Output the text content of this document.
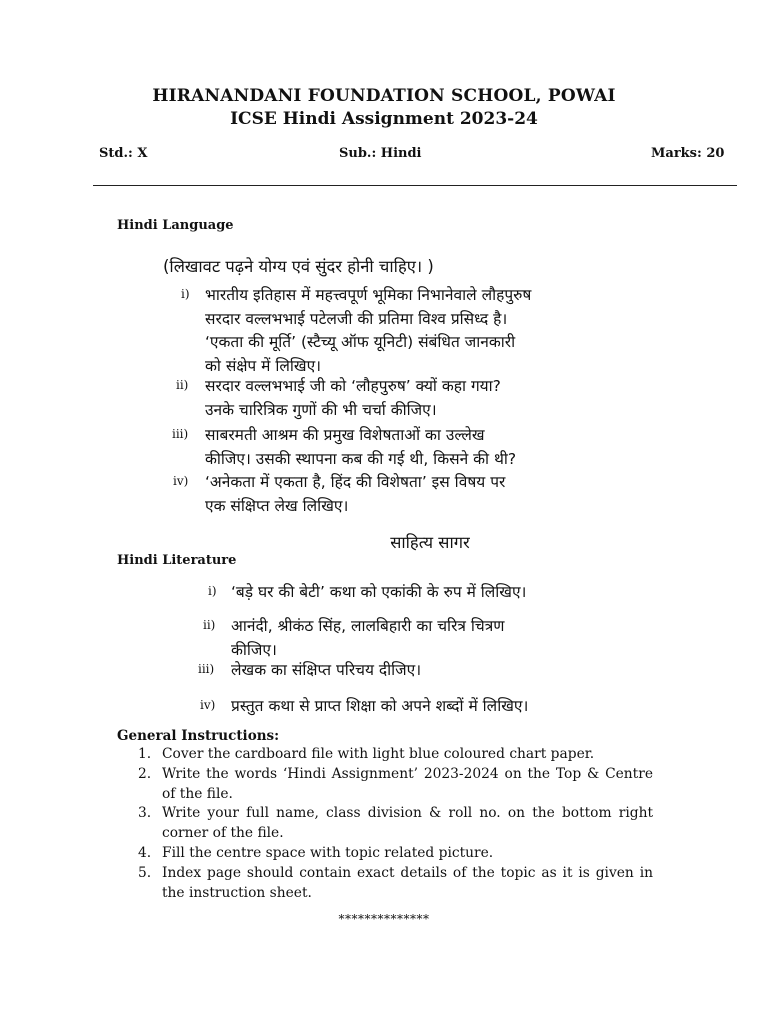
HIRANANDANI FOUNDATION SCHOOL, POWAI
ICSE Hindi Assignment 2023-24
Std.: X	Sub.: Hindi	Marks: 20
Hindi Language
(लिखावट पढ़ने योग्य एवं सुंदर होनी चाहिए। )
i) भारतीय इतिहास में महत्त्वपूर्ण भूमिका निभानेवाले लौहपुरुष
सरदार वल्लभभाई पटेलजी की प्रतिमा विश्व प्रसिध्द है।
‘एकता की मूर्ति’ (स्टैच्यू ऑफ यूनिटी) संबंधित जानकारी
को संक्षेप में लिखिए।
ii) सरदार वल्लभभाई जी को ‘लौहपुरुष’ क्यों कहा गया?
उनके चारित्रिक गुणों की भी चर्चा कीजिए।
iii) साबरमती आश्रम की प्रमुख विशेषताओं का उल्लेख
कीजिए। उसकी स्थापना कब की गई थी, किसने की थी?
iv) ‘अनेकता में एकता है, हिंद की विशेषता’ इस विषय पर
एक संक्षिप्त लेख लिखिए।
साहित्य सागर
Hindi Literature
i) ‘बड़े घर की बेटी’ कथा को एकांकी के रुप में लिखिए।
ii) आनंदी, श्रीकंठ सिंह, लालबिहारी का चरित्र चित्रण
कीजिए।
iii) लेखक का संक्षिप्त परिचय दीजिए।
iv) प्रस्तुत कथा से प्राप्त शिक्षा को अपने शब्दों में लिखिए।
General Instructions:
1. Cover the cardboard file with light blue coloured chart paper.
2. Write the words ‘Hindi Assignment’ 2023-2024 on the Top & Centre of the file.
3. Write your full name, class division & roll no. on the bottom right corner of the file.
4. Fill the centre space with topic related picture.
5. Index page should contain exact details of the topic as it is given in the instruction sheet.
**************
